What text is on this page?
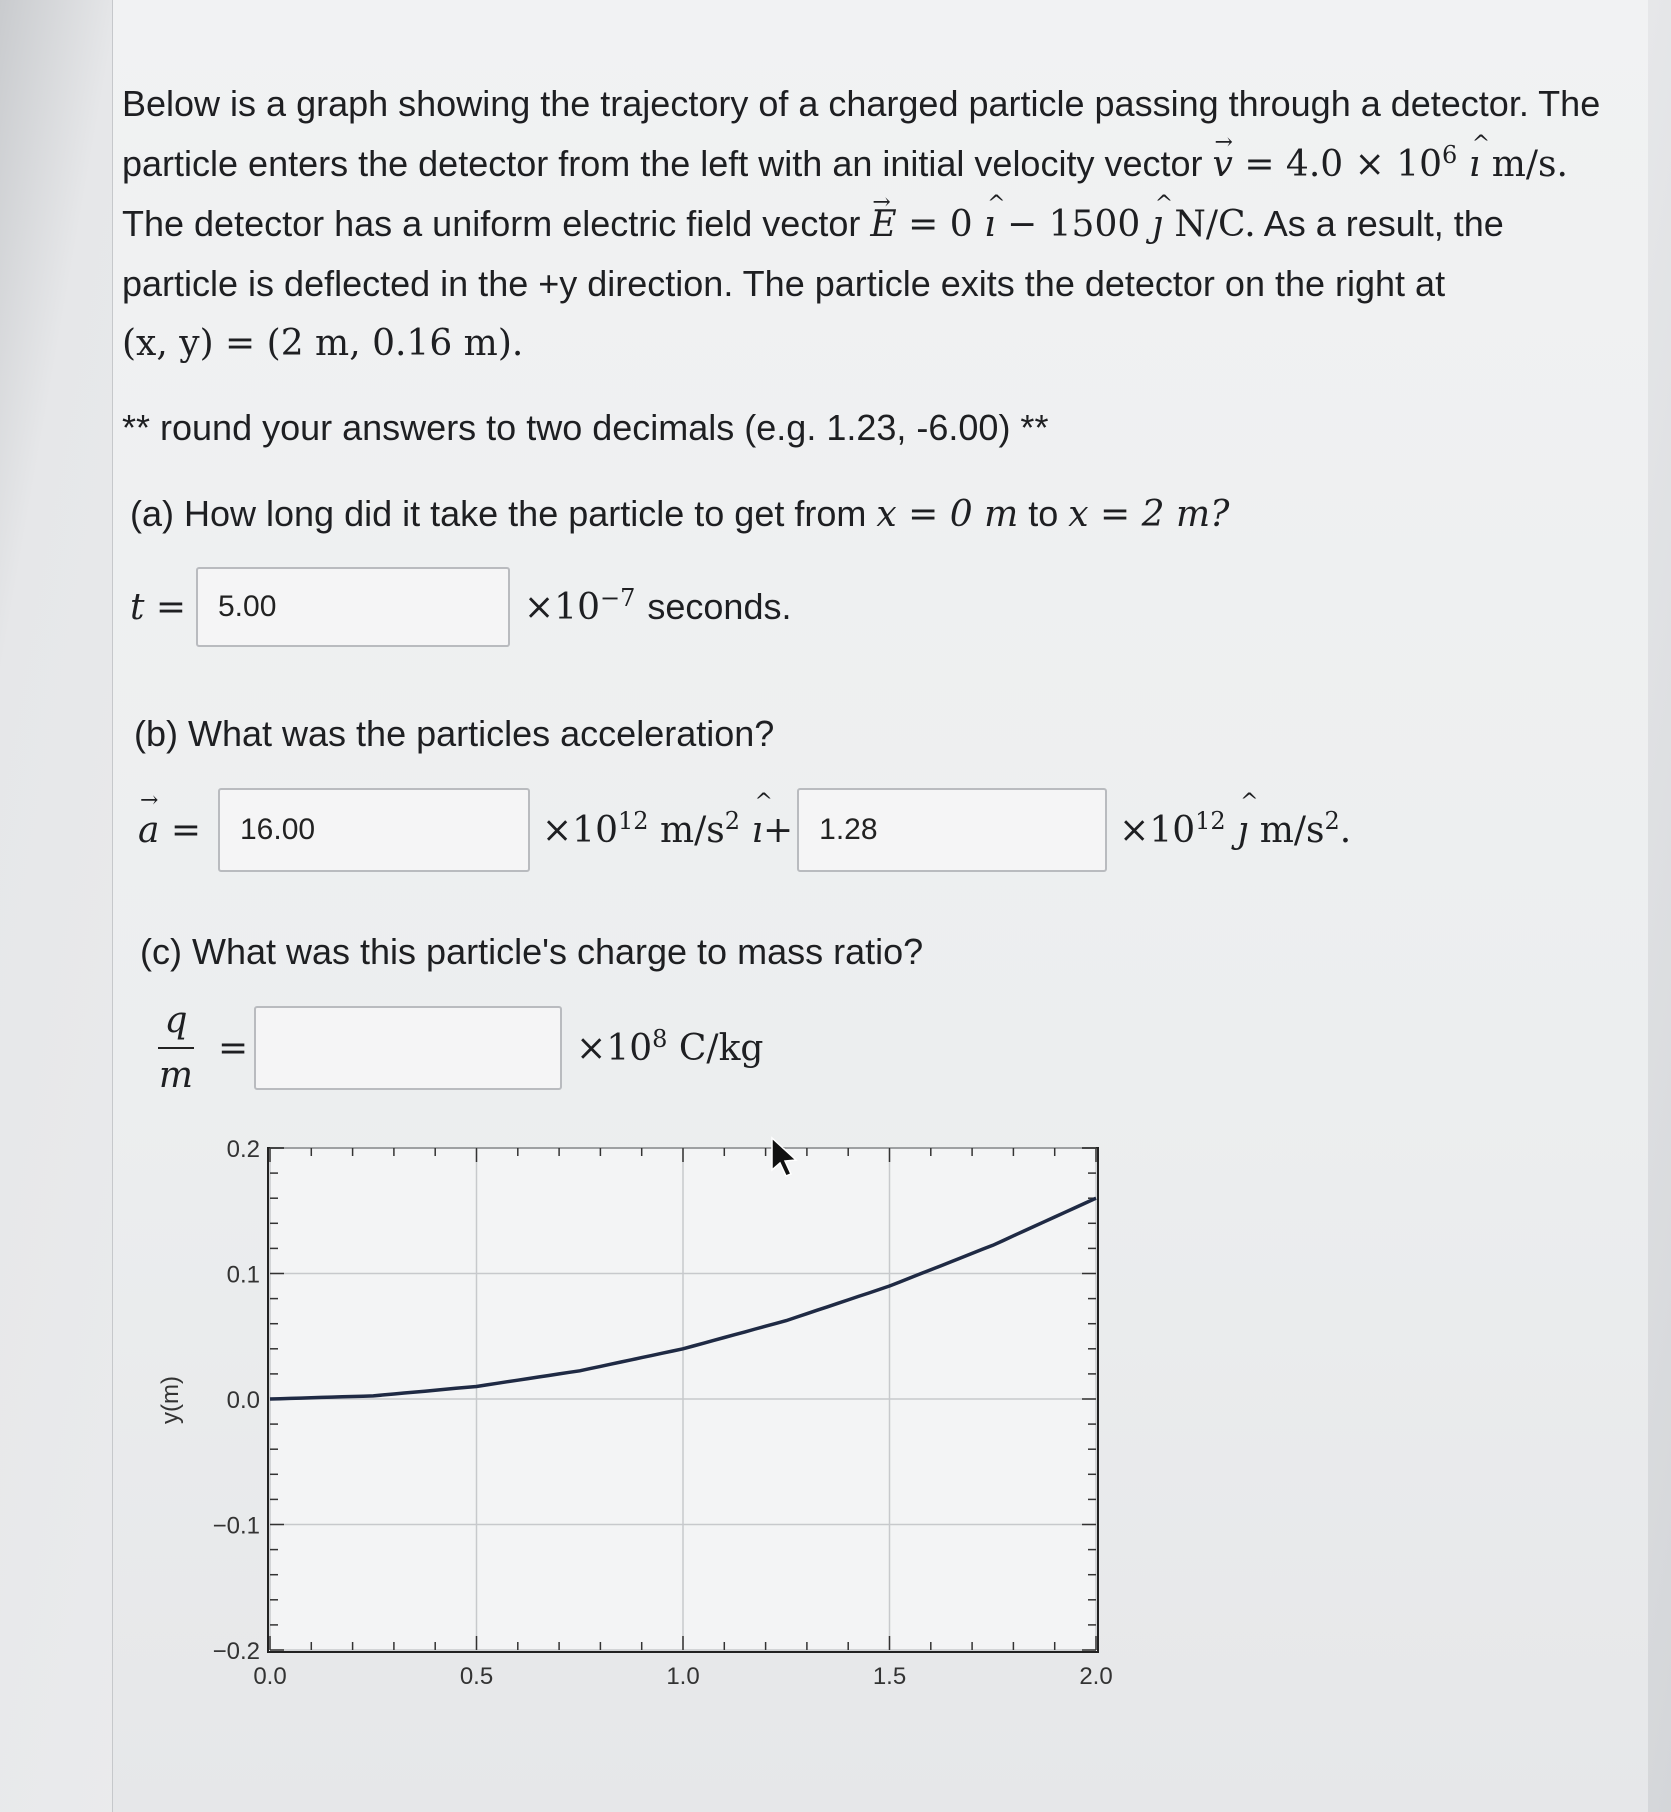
Below is a graph showing the trajectory of a charged particle passing through a detector. The
particle enters the detector from the left with an initial velocity vector → $v = 4.0 \times 10^6$ ^ ı m/s.
The detector has a uniform electric field vector → E = 0 ^ ı − 1500 ^ ȷ N/C. As a result, the
particle is deflected in the +y direction. The particle exits the detector on the right at
(x, y) = (2 m, 0.16 m).
** round your answers to two decimals (e.g. 1.23, -6.00) **
(a) How long did it take the particle to get from x = 0 m to x = 2 m?
t =	5.00	$\times 10^{-7}$ seconds.
(b) What was the particles acceleration?
→ a =	16.00	$\times 10^{12}$ $m/s^2$ ^ ı+ 1.28	$\times 10^{12}$ ^ ȷ $m/s^2$.
(c) What was this particle's charge to mass ratio?
$\frac{q}{m}$ =	$\times 10^8$ C/kg
0.2
0.1
0.0
−0.1
−0.2
0.0	0.5	1.0	1.5	2.0
y(m)
